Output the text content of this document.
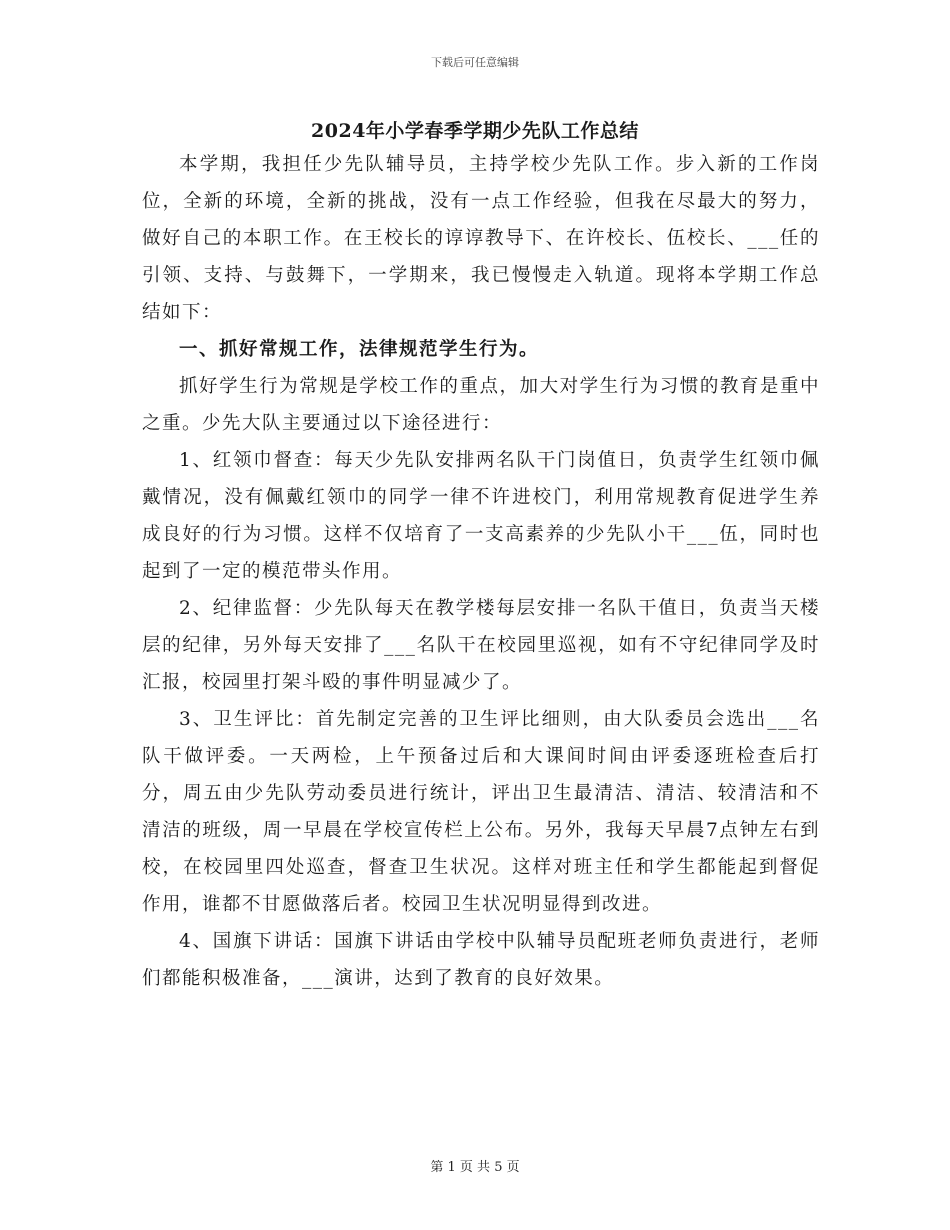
下载后可任意编辑
2024年小学春季学期少先队工作总结

本学期，我担任少先队辅导员，主持学校少先队工作。步入新的工作岗位，全新的环境，全新的挑战，没有一点工作经验，但我在尽最大的努力，做好自己的本职工作。在王校长的谆谆教导下、在许校长、伍校长、___任的引领、支持、与鼓舞下，一学期来，我已慢慢走入轨道。现将本学期工作总结如下：

一、抓好常规工作，法律规范学生行为。

抓好学生行为常规是学校工作的重点，加大对学生行为习惯的教育是重中之重。少先大队主要通过以下途径进行：

1、红领巾督查：每天少先队安排两名队干门岗值日，负责学生红领巾佩戴情况，没有佩戴红领巾的同学一律不许进校门，利用常规教育促进学生养成良好的行为习惯。这样不仅培育了一支高素养的少先队小干___伍，同时也起到了一定的模范带头作用。

2、纪律监督：少先队每天在教学楼每层安排一名队干值日，负责当天楼层的纪律，另外每天安排了___名队干在校园里巡视，如有不守纪律同学及时汇报，校园里打架斗殴的事件明显减少了。

3、卫生评比：首先制定完善的卫生评比细则，由大队委员会选出___名队干做评委。一天两检，上午预备过后和大课间时间由评委逐班检查后打分，周五由少先队劳动委员进行统计，评出卫生最清洁、清洁、较清洁和不清洁的班级，周一早晨在学校宣传栏上公布。另外，我每天早晨7点钟左右到校，在校园里四处巡查，督查卫生状况。这样对班主任和学生都能起到督促作用，谁都不甘愿做落后者。校园卫生状况明显得到改进。

4、国旗下讲话：国旗下讲话由学校中队辅导员配班老师负责进行，老师们都能积极准备，___演讲，达到了教育的良好效果。

第 1 页 共 5 页
